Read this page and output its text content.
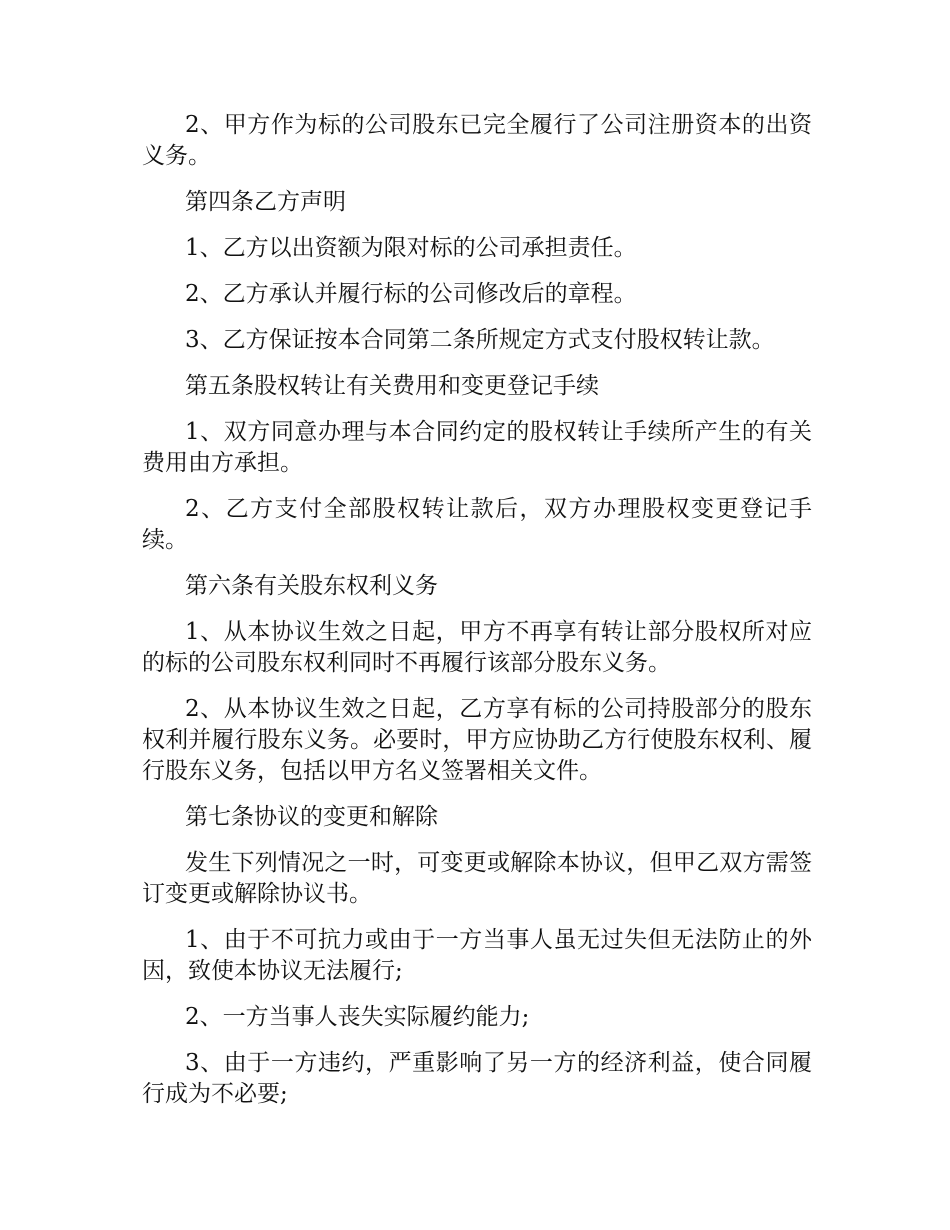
2、甲方作为标的公司股东已完全履行了公司注册资本的出资义务。

第四条乙方声明

1、乙方以出资额为限对标的公司承担责任。

2、乙方承认并履行标的公司修改后的章程。

3、乙方保证按本合同第二条所规定方式支付股权转让款。

第五条股权转让有关费用和变更登记手续

1、双方同意办理与本合同约定的股权转让手续所产生的有关费用由方承担。

2、乙方支付全部股权转让款后，双方办理股权变更登记手续。

第六条有关股东权利义务

1、从本协议生效之日起，甲方不再享有转让部分股权所对应的标的公司股东权利同时不再履行该部分股东义务。

2、从本协议生效之日起，乙方享有标的公司持股部分的股东权利并履行股东义务。必要时，甲方应协助乙方行使股东权利、履行股东义务，包括以甲方名义签署相关文件。

第七条协议的变更和解除

发生下列情况之一时，可变更或解除本协议，但甲乙双方需签订变更或解除协议书。

1、由于不可抗力或由于一方当事人虽无过失但无法防止的外因，致使本协议无法履行;

2、一方当事人丧失实际履约能力;

3、由于一方违约，严重影响了另一方的经济利益，使合同履行成为不必要;
